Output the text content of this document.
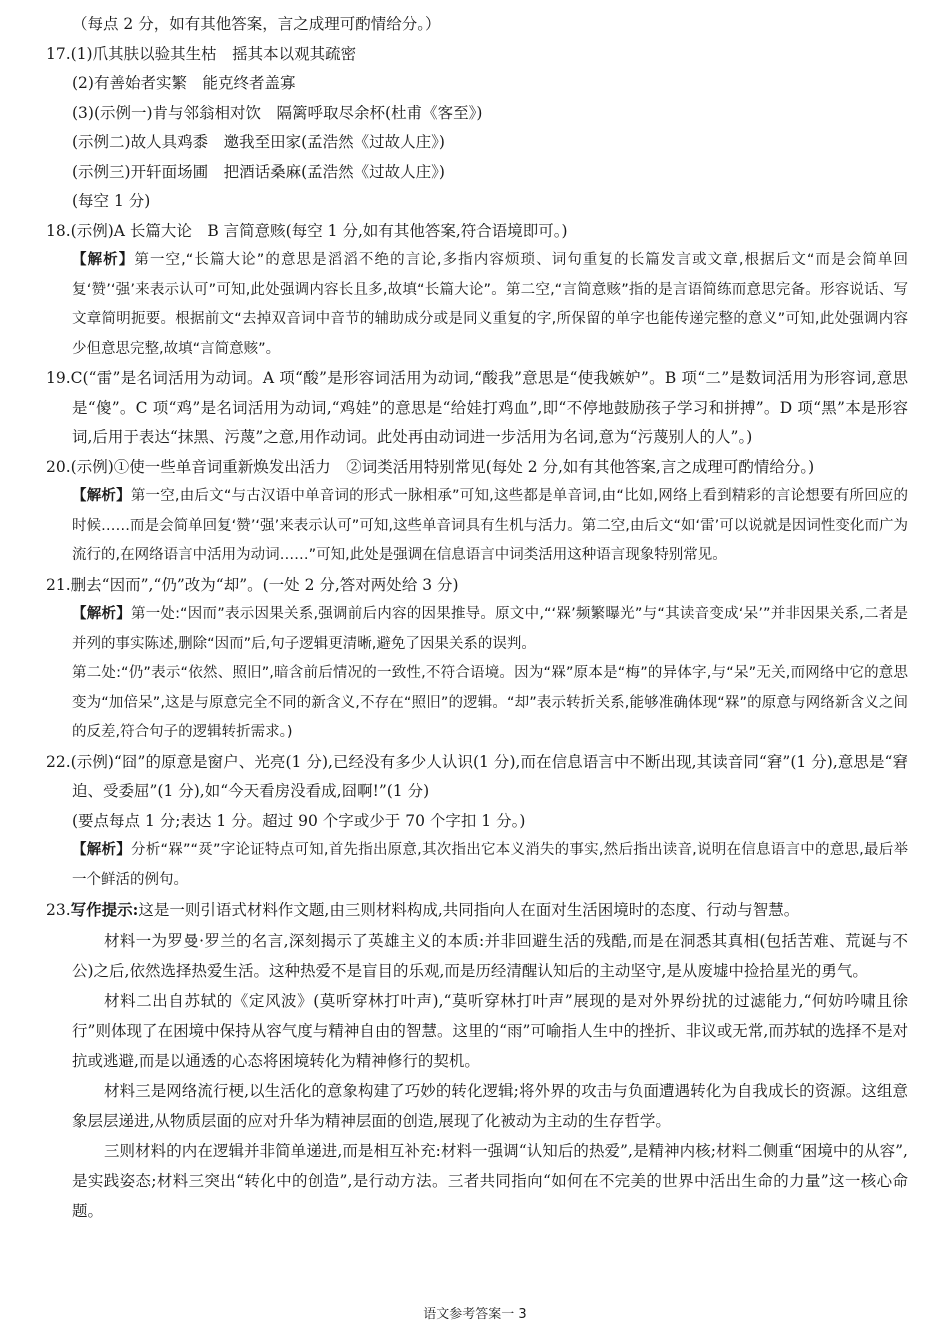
（每点 2 分，如有其他答案，言之成理可酌情给分。）

17.(1)爪其肤以验其生枯　摇其本以观其疏密

(2)有善始者实繁　能克终者盖寡

(3)(示例一)肯与邻翁相对饮　隔篱呼取尽余杯(杜甫《客至》)

(示例二)故人具鸡黍　邀我至田家(孟浩然《过故人庄》)

(示例三)开轩面场圃　把酒话桑麻(孟浩然《过故人庄》)

(每空 1 分)

18.(示例)A 长篇大论　B 言简意赅(每空 1 分,如有其他答案,符合语境即可。)

【解析】第一空,“长篇大论”的意思是滔滔不绝的言论,多指内容烦琐、词句重复的长篇发言或文章,根据后文“而是会简单回复‘赞’‘强’来表示认可”可知,此处强调内容长且多,故填“长篇大论”。第二空,“言简意赅”指的是言语简练而意思完备。形容说话、写文章简明扼要。根据前文“去掉双音词中音节的辅助成分或是同义重复的字,所保留的单字也能传递完整的意义”可知,此处强调内容少但意思完整,故填“言简意赅”。

19.C(“雷”是名词活用为动词。A 项“酸”是形容词活用为动词,“酸我”意思是“使我嫉妒”。B 项“二”是数词活用为形容词,意思是“傻”。C 项“鸡”是名词活用为动词,“鸡娃”的意思是“给娃打鸡血”,即“不停地鼓励孩子学习和拼搏”。D 项“黑”本是形容词,后用于表达“抹黑、污蔑”之意,用作动词。此处再由动词进一步活用为名词,意为“污蔑别人的人”。)

20.(示例)①使一些单音词重新焕发出活力　②词类活用特别常见(每处 2 分,如有其他答案,言之成理可酌情给分。)

【解析】第一空,由后文“与古汉语中单音词的形式一脉相承”可知,这些都是单音词,由“比如,网络上看到精彩的言论想要有所回应的时候……而是会简单回复‘赞’‘强’来表示认可”可知,这些单音词具有生机与活力。第二空,由后文“如‘雷’可以说就是因词性变化而广为流行的,在网络语言中活用为动词……”可知,此处是强调在信息语言中词类活用这种语言现象特别常见。

21.删去“因而”,“仍”改为“却”。(一处 2 分,答对两处给 3 分)

【解析】第一处:“因而”表示因果关系,强调前后内容的因果推导。原文中,“‘槑’频繁曝光”与“其读音变成‘呆’”并非因果关系,二者是并列的事实陈述,删除“因而”后,句子逻辑更清晰,避免了因果关系的误判。

第二处:“仍”表示“依然、照旧”,暗含前后情况的一致性,不符合语境。因为“槑”原本是“梅”的异体字,与“呆”无关,而网络中它的意思变为“加倍呆”,这是与原意完全不同的新含义,不存在“照旧”的逻辑。“却”表示转折关系,能够准确体现“槑”的原意与网络新含义之间的反差,符合句子的逻辑转折需求。)

22.(示例)“囧”的原意是窗户、光亮(1 分),已经没有多少人认识(1 分),而在信息语言中不断出现,其读音同“窘”(1 分),意思是“窘迫、受委屈”(1 分),如“今天看房没看成,囧啊!”(1 分)

(要点每点 1 分;表达 1 分。超过 90 个字或少于 70 个字扣 1 分。)

【解析】分析“槑”“烎”字论证特点可知,首先指出原意,其次指出它本义消失的事实,然后指出读音,说明在信息语言中的意思,最后举一个鲜活的例句。

23.写作提示:这是一则引语式材料作文题,由三则材料构成,共同指向人在面对生活困境时的态度、行动与智慧。

材料一为罗曼·罗兰的名言,深刻揭示了英雄主义的本质:并非回避生活的残酷,而是在洞悉其真相(包括苦难、荒诞与不公)之后,依然选择热爱生活。这种热爱不是盲目的乐观,而是历经清醒认知后的主动坚守,是从废墟中捡拾星光的勇气。

材料二出自苏轼的《定风波》(莫听穿林打叶声),“莫听穿林打叶声”展现的是对外界纷扰的过滤能力,“何妨吟啸且徐行”则体现了在困境中保持从容气度与精神自由的智慧。这里的“雨”可喻指人生中的挫折、非议或无常,而苏轼的选择不是对抗或逃避,而是以通透的心态将困境转化为精神修行的契机。

材料三是网络流行梗,以生活化的意象构建了巧妙的转化逻辑;将外界的攻击与负面遭遇转化为自我成长的资源。这组意象层层递进,从物质层面的应对升华为精神层面的创造,展现了化被动为主动的生存哲学。

三则材料的内在逻辑并非简单递进,而是相互补充:材料一强调“认知后的热爱”,是精神内核;材料二侧重“困境中的从容”,是实践姿态;材料三突出“转化中的创造”,是行动方法。三者共同指向“如何在不完美的世界中活出生命的力量”这一核心命题。

语文参考答案一 3
